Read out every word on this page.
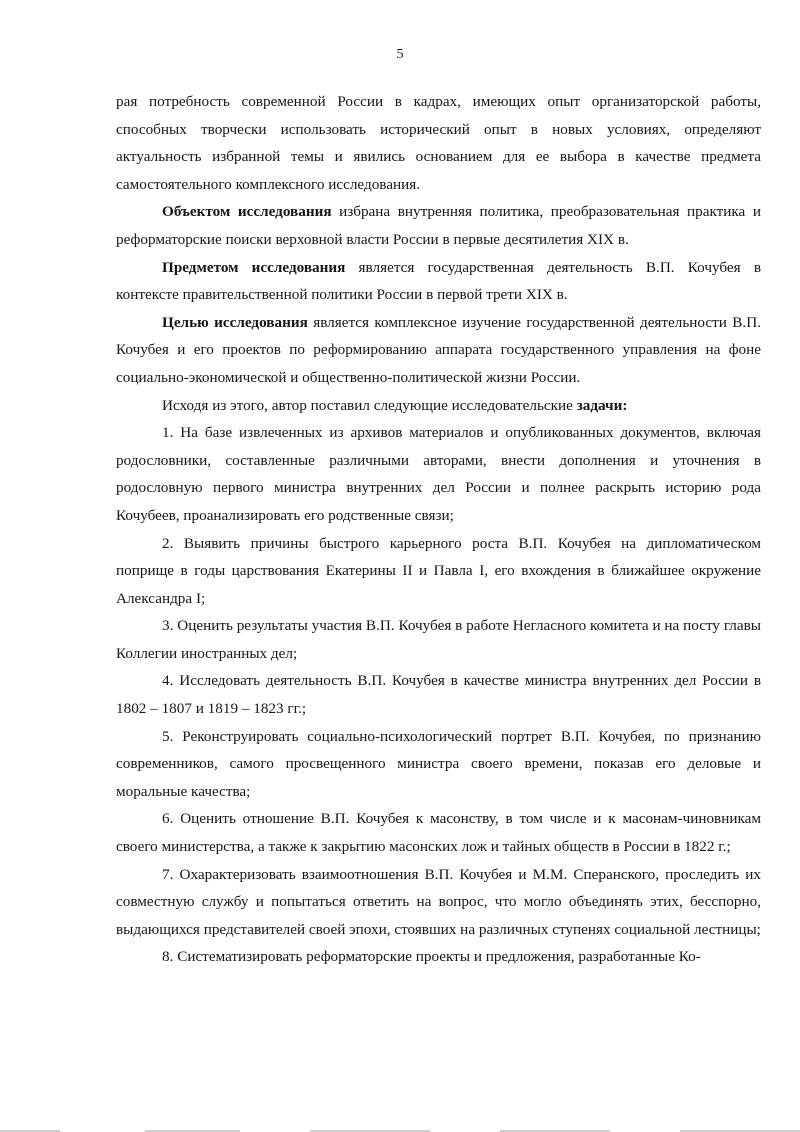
5

рая потребность современной России в кадрах, имеющих опыт организаторской работы, способных творчески использовать исторический опыт в новых условиях, определяют актуальность избранной темы и явились основанием для ее выбора в качестве предмета самостоятельного комплексного исследования.

Объектом исследования избрана внутренняя политика, преобразовательная практика и реформаторские поиски верховной власти России в первые десятилетия XIX в.

Предметом исследования является государственная деятельность В.П. Кочубея в контексте правительственной политики России в первой трети XIX в.

Целью исследования является комплексное изучение государственной деятельности В.П. Кочубея и его проектов по реформированию аппарата государственного управления на фоне социально-экономической и общественно-политической жизни России.

Исходя из этого, автор поставил следующие исследовательские задачи:

1. На базе извлеченных из архивов материалов и опубликованных документов, включая родословники, составленные различными авторами, внести дополнения и уточнения в родословную первого министра внутренних дел России и полнее раскрыть историю рода Кочубеев, проанализировать его родственные связи;

2. Выявить причины быстрого карьерного роста В.П. Кочубея на дипломатическом поприще в годы царствования Екатерины II и Павла I, его вхождения в ближайшее окружение Александра I;

3. Оценить результаты участия В.П. Кочубея в работе Негласного комитета и на посту главы Коллегии иностранных дел;

4. Исследовать деятельность В.П. Кочубея в качестве министра внутренних дел России в 1802 – 1807 и 1819 – 1823 гг.;

5. Реконструировать социально-психологический портрет В.П. Кочубея, по признанию современников, самого просвещенного министра своего времени, показав его деловые и моральные качества;

6. Оценить отношение В.П. Кочубея к масонству, в том числе и к масонам-чиновникам своего министерства, а также к закрытию масонских лож и тайных обществ в России в 1822 г.;

7. Охарактеризовать взаимоотношения В.П. Кочубея и М.М. Сперанского, проследить их совместную службу и попытаться ответить на вопрос, что могло объединять этих, бесспорно, выдающихся представителей своей эпохи, стоявших на различных ступенях социальной лестницы;

8. Систематизировать реформаторские проекты и предложения, разработанные Ко-
